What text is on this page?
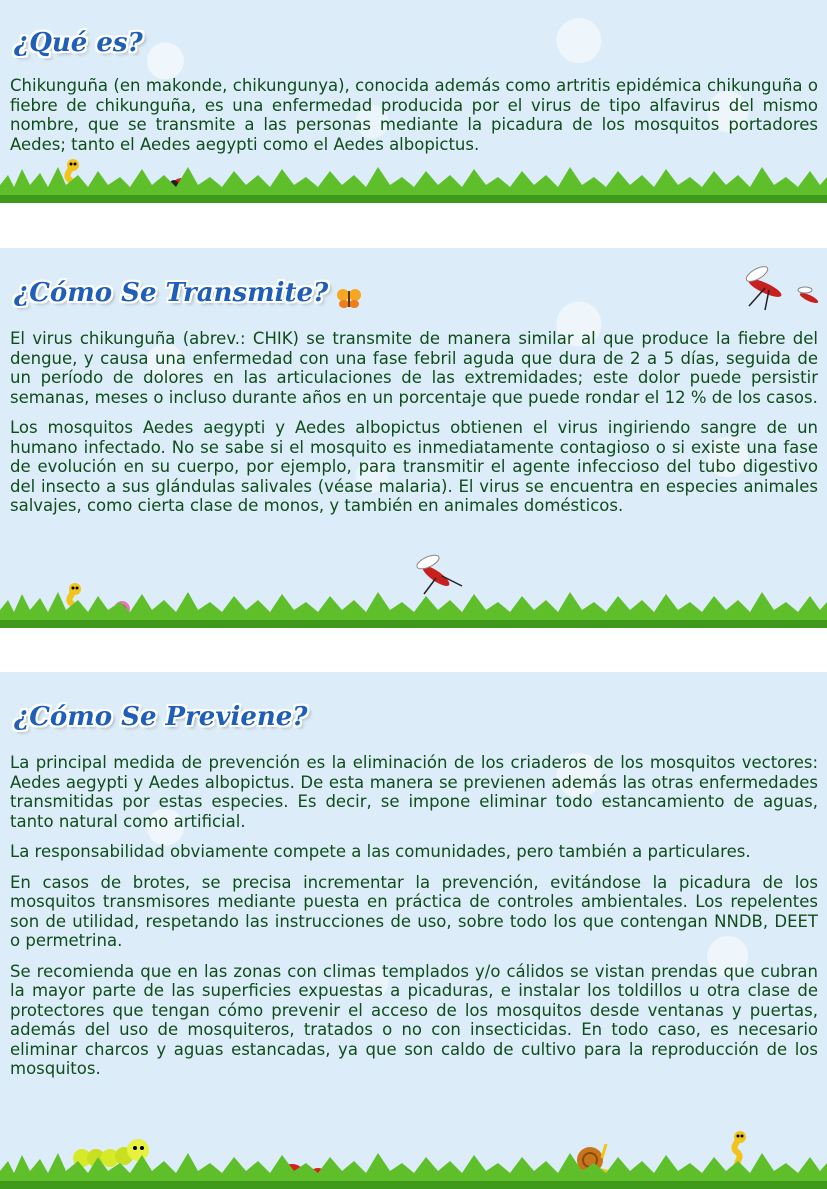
¿Qué es?

Chikunguña (en makonde, chikungunya), conocida además como artritis epidémica chikunguña o fiebre de chikunguña, es una enfermedad producida por el virus de tipo alfavirus del mismo nombre, que se transmite a las personas mediante la picadura de los mosquitos portadores Aedes; tanto el Aedes aegypti como el Aedes albopictus.

¿Cómo Se Transmite?

El virus chikunguña (abrev.: CHIK) se transmite de manera similar al que produce la fiebre del dengue, y causa una enfermedad con una fase febril aguda que dura de 2 a 5 días, seguida de un período de dolores en las articulaciones de las extremidades; este dolor puede persistir semanas, meses o incluso durante años en un porcentaje que puede rondar el 12 % de los casos.

Los mosquitos Aedes aegypti y Aedes albopictus obtienen el virus ingiriendo sangre de un humano infectado. No se sabe si el mosquito es inmediatamente contagioso o si existe una fase de evolución en su cuerpo, por ejemplo, para transmitir el agente infeccioso del tubo digestivo del insecto a sus glándulas salivales (véase malaria). El virus se encuentra en especies animales salvajes, como cierta clase de monos, y también en animales domésticos.

¿Cómo Se Previene?

La principal medida de prevención es la eliminación de los criaderos de los mosquitos vectores: Aedes aegypti y Aedes albopictus. De esta manera se previenen además las otras enfermedades transmitidas por estas especies. Es decir, se impone eliminar todo estancamiento de aguas, tanto natural como artificial.

La responsabilidad obviamente compete a las comunidades, pero también a particulares.

En casos de brotes, se precisa incrementar la prevención, evitándose la picadura de los mosquitos transmisores mediante puesta en práctica de controles ambientales. Los repelentes son de utilidad, respetando las instrucciones de uso, sobre todo los que contengan NNDB, DEET o permetrina.

Se recomienda que en las zonas con climas templados y/o cálidos se vistan prendas que cubran la mayor parte de las superficies expuestas a picaduras, e instalar los toldillos u otra clase de protectores que tengan cómo prevenir el acceso de los mosquitos desde ventanas y puertas, además del uso de mosquiteros, tratados o no con insecticidas. En todo caso, es necesario eliminar charcos y aguas estancadas, ya que son caldo de cultivo para la reproducción de los mosquitos.
